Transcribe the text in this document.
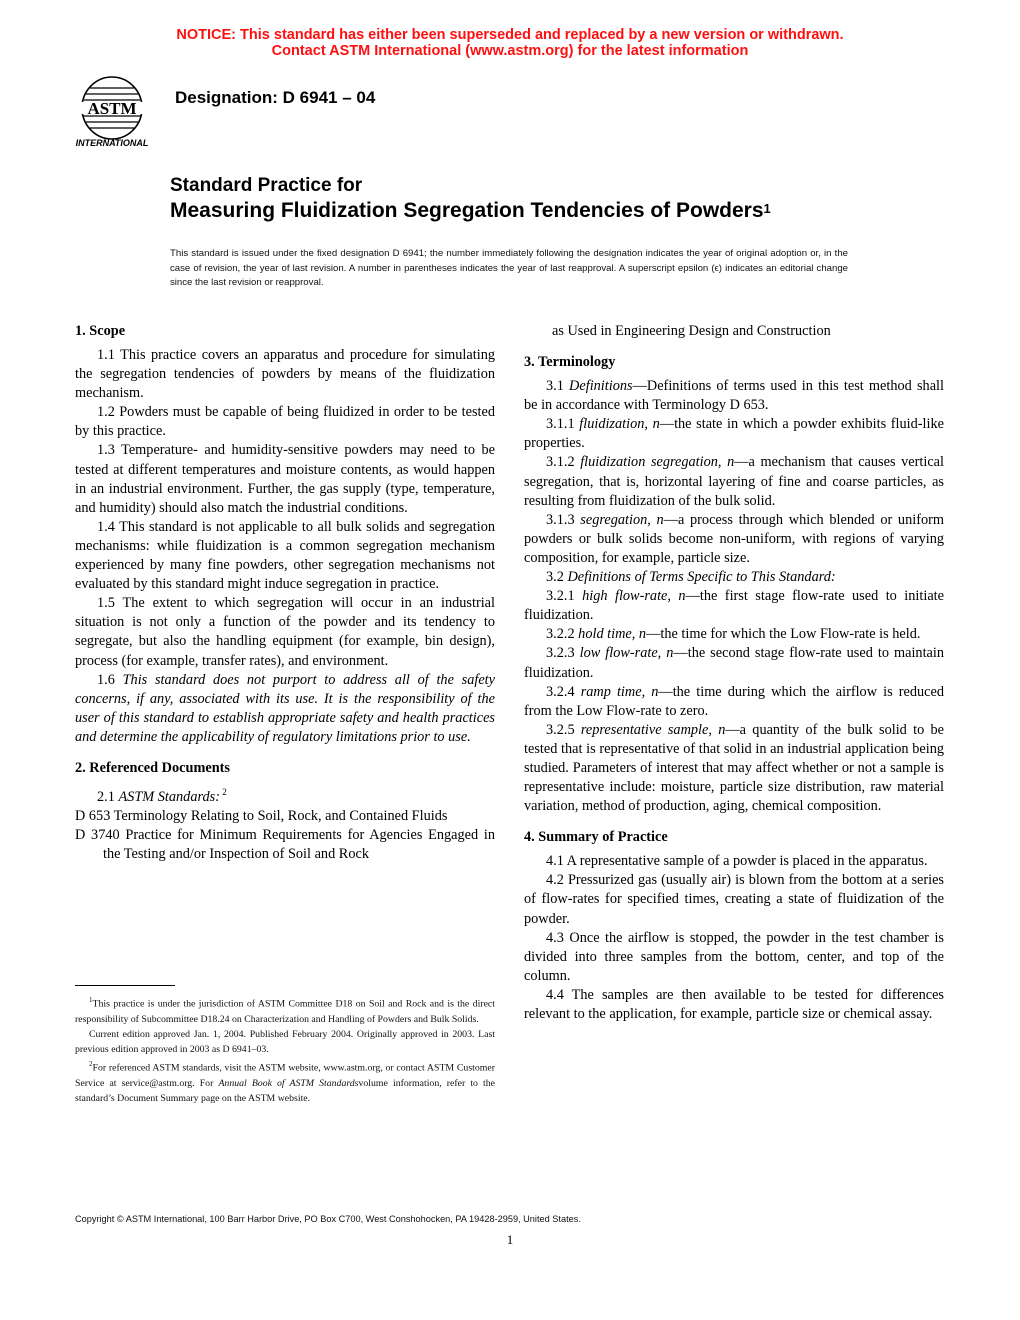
NOTICE: This standard has either been superseded and replaced by a new version or withdrawn.
Contact ASTM International (www.astm.org) for the latest information
ASTM
INTERNATIONAL
Designation: D 6941 – 04
Standard Practice for
Measuring Fluidization Segregation Tendencies of Powders$^1$
This standard is issued under the fixed designation D 6941; the number immediately following the designation indicates the year of original adoption or, in the case of revision, the year of last revision. A number in parentheses indicates the year of last reapproval. A superscript epsilon (ϵ) indicates an editorial change since the last revision or reapproval.

1. Scope

1.1 This practice covers an apparatus and procedure for simulating the segregation tendencies of powders by means of the fluidization mechanism.

1.2 Powders must be capable of being fluidized in order to be tested by this practice.

1.3 Temperature- and humidity-sensitive powders may need to be tested at different temperatures and moisture contents, as would happen in an industrial environment. Further, the gas supply (type, temperature, and humidity) should also match the industrial conditions.

1.4 This standard is not applicable to all bulk solids and segregation mechanisms: while fluidization is a common segregation mechanism experienced by many fine powders, other segregation mechanisms not evaluated by this standard might induce segregation in practice.

1.5 The extent to which segregation will occur in an industrial situation is not only a function of the powder and its tendency to segregate, but also the handling equipment (for example, bin design), process (for example, transfer rates), and environment.

1.6 This standard does not purport to address all of the safety concerns, if any, associated with its use. It is the responsibility of the user of this standard to establish appropriate safety and health practices and determine the applicability of regulatory limitations prior to use.

2. Referenced Documents

2.1 ASTM Standards: $^2$

D 653 Terminology Relating to Soil, Rock, and Contained Fluids

D 3740 Practice for Minimum Requirements for Agencies Engaged in the Testing and/or Inspection of Soil and Rock

$^1$This practice is under the jurisdiction of ASTM Committee D18 on Soil and Rock and is the direct responsibility of Subcommittee D18.24 on Characterization and Handling of Powders and Bulk Solids.

Current edition approved Jan. 1, 2004. Published February 2004. Originally approved in 2003. Last previous edition approved in 2003 as D 6941–03.

$^2$For referenced ASTM standards, visit the ASTM website, www.astm.org, or contact ASTM Customer Service at service@astm.org. For Annual Book of ASTM Standardsvolume information, refer to the standard’s Document Summary page on the ASTM website.

as Used in Engineering Design and Construction

3. Terminology

3.1 Definitions—Definitions of terms used in this test method shall be in accordance with Terminology D 653.

3.1.1 fluidization, n—the state in which a powder exhibits fluid-like properties.

3.1.2 fluidization segregation, n—a mechanism that causes vertical segregation, that is, horizontal layering of fine and coarse particles, as resulting from fluidization of the bulk solid.

3.1.3 segregation, n—a process through which blended or uniform powders or bulk solids become non-uniform, with regions of varying composition, for example, particle size.

3.2 Definitions of Terms Specific to This Standard:

3.2.1 high flow-rate, n—the first stage flow-rate used to initiate fluidization.

3.2.2 hold time, n—the time for which the Low Flow-rate is held.

3.2.3 low flow-rate, n—the second stage flow-rate used to maintain fluidization.

3.2.4 ramp time, n—the time during which the airflow is reduced from the Low Flow-rate to zero.

3.2.5 representative sample, n—a quantity of the bulk solid to be tested that is representative of that solid in an industrial application being studied. Parameters of interest that may affect whether or not a sample is representative include: moisture, particle size distribution, raw material variation, method of production, aging, chemical composition.

4. Summary of Practice

4.1 A representative sample of a powder is placed in the apparatus.

4.2 Pressurized gas (usually air) is blown from the bottom at a series of flow-rates for specified times, creating a state of fluidization of the powder.

4.3 Once the airflow is stopped, the powder in the test chamber is divided into three samples from the bottom, center, and top of the column.

4.4 The samples are then available to be tested for differences relevant to the application, for example, particle size or chemical assay.

Copyright © ASTM International, 100 Barr Harbor Drive, PO Box C700, West Conshohocken, PA 19428-2959, United States.
1
